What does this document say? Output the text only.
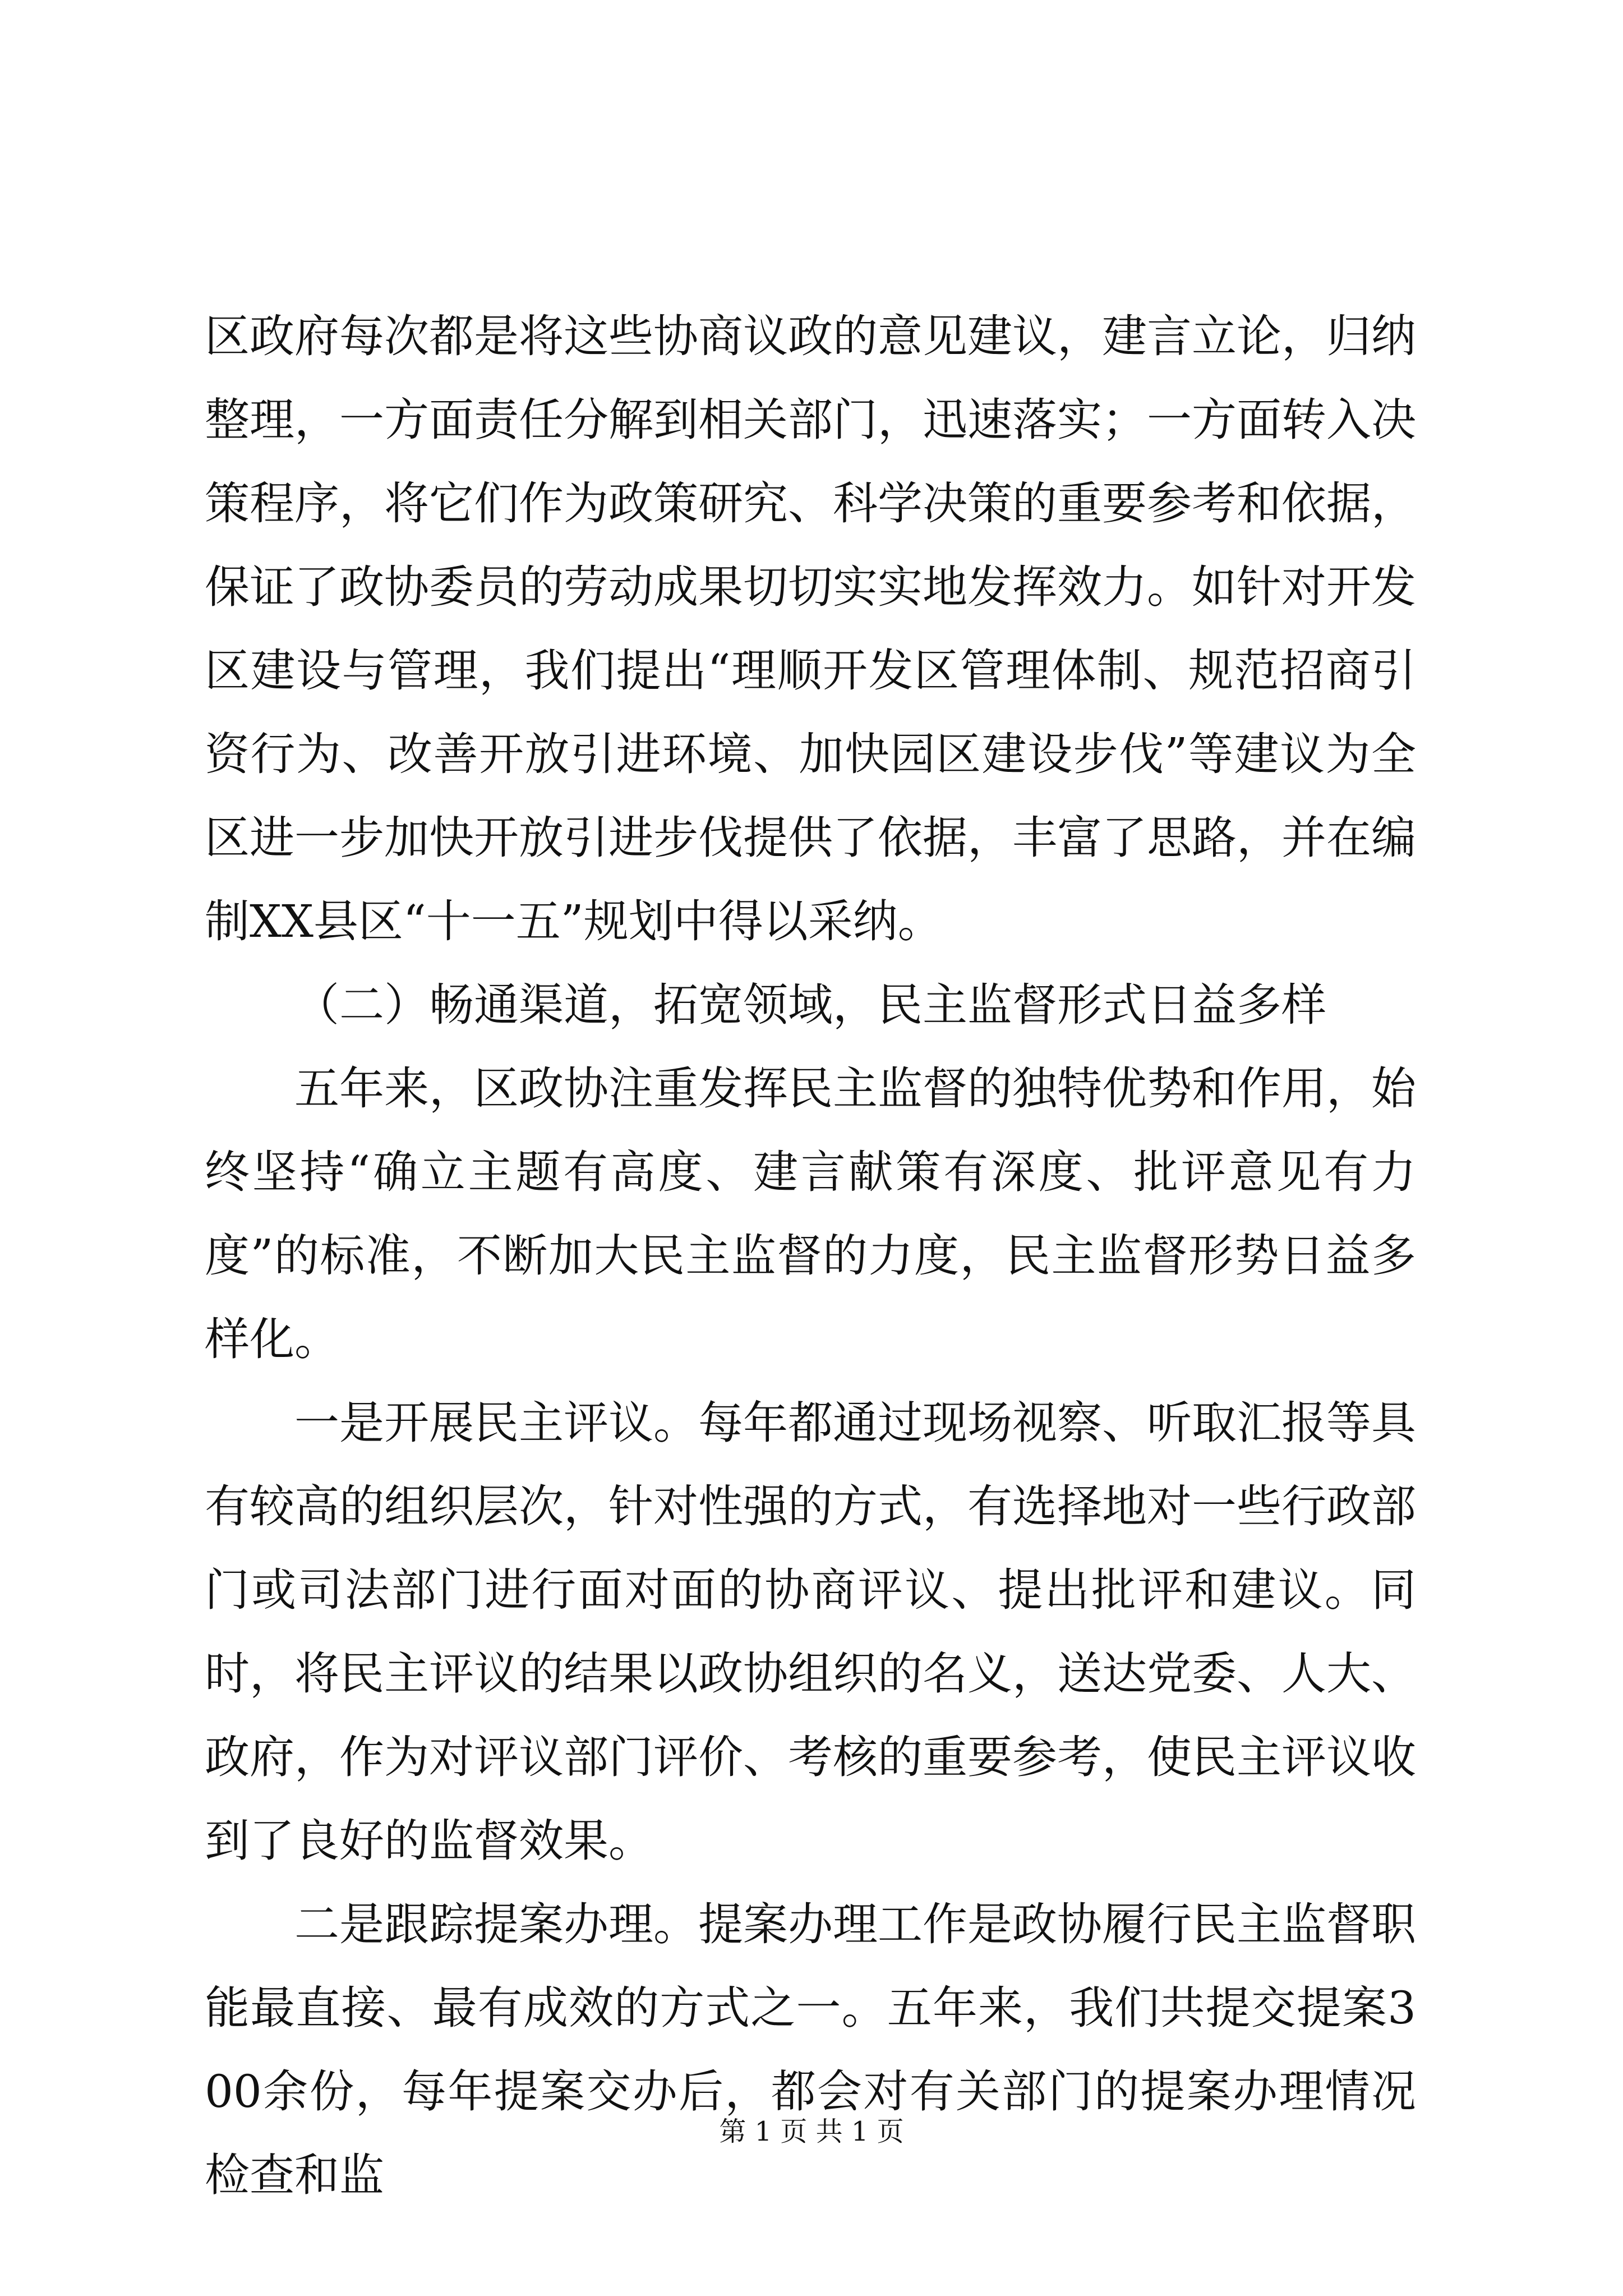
区政府每次都是将这些协商议政的意见建议，建言立论，归纳整理，一方面责任分解到相关部门，迅速落实；一方面转入决策程序，将它们作为政策研究、科学决策的重要参考和依据，保证了政协委员的劳动成果切切实实地发挥效力。如针对开发区建设与管理，我们提出“理顺开发区管理体制、规范招商引资行为、改善开放引进环境、加快园区建设步伐”等建议为全区进一步加快开放引进步伐提供了依据，丰富了思路，并在编制XX县区“十一五”规划中得以采纳。

（二）畅通渠道，拓宽领域，民主监督形式日益多样

五年来，区政协注重发挥民主监督的独特优势和作用，始终坚持“确立主题有高度、建言献策有深度、批评意见有力度”的标准，不断加大民主监督的力度，民主监督形势日益多样化。

一是开展民主评议。每年都通过现场视察、听取汇报等具有较高的组织层次，针对性强的方式，有选择地对一些行政部门或司法部门进行面对面的协商评议、提出批评和建议。同时，将民主评议的结果以政协组织的名义，送达党委、人大、政府，作为对评议部门评价、考核的重要参考，使民主评议收到了良好的监督效果。

二是跟踪提案办理。提案办理工作是政协履行民主监督职能最直接、最有成效的方式之一。五年来，我们共提交提案300余份，每年提案交办后，都会对有关部门的提案办理情况检查和监

第 1 页 共 1 页
